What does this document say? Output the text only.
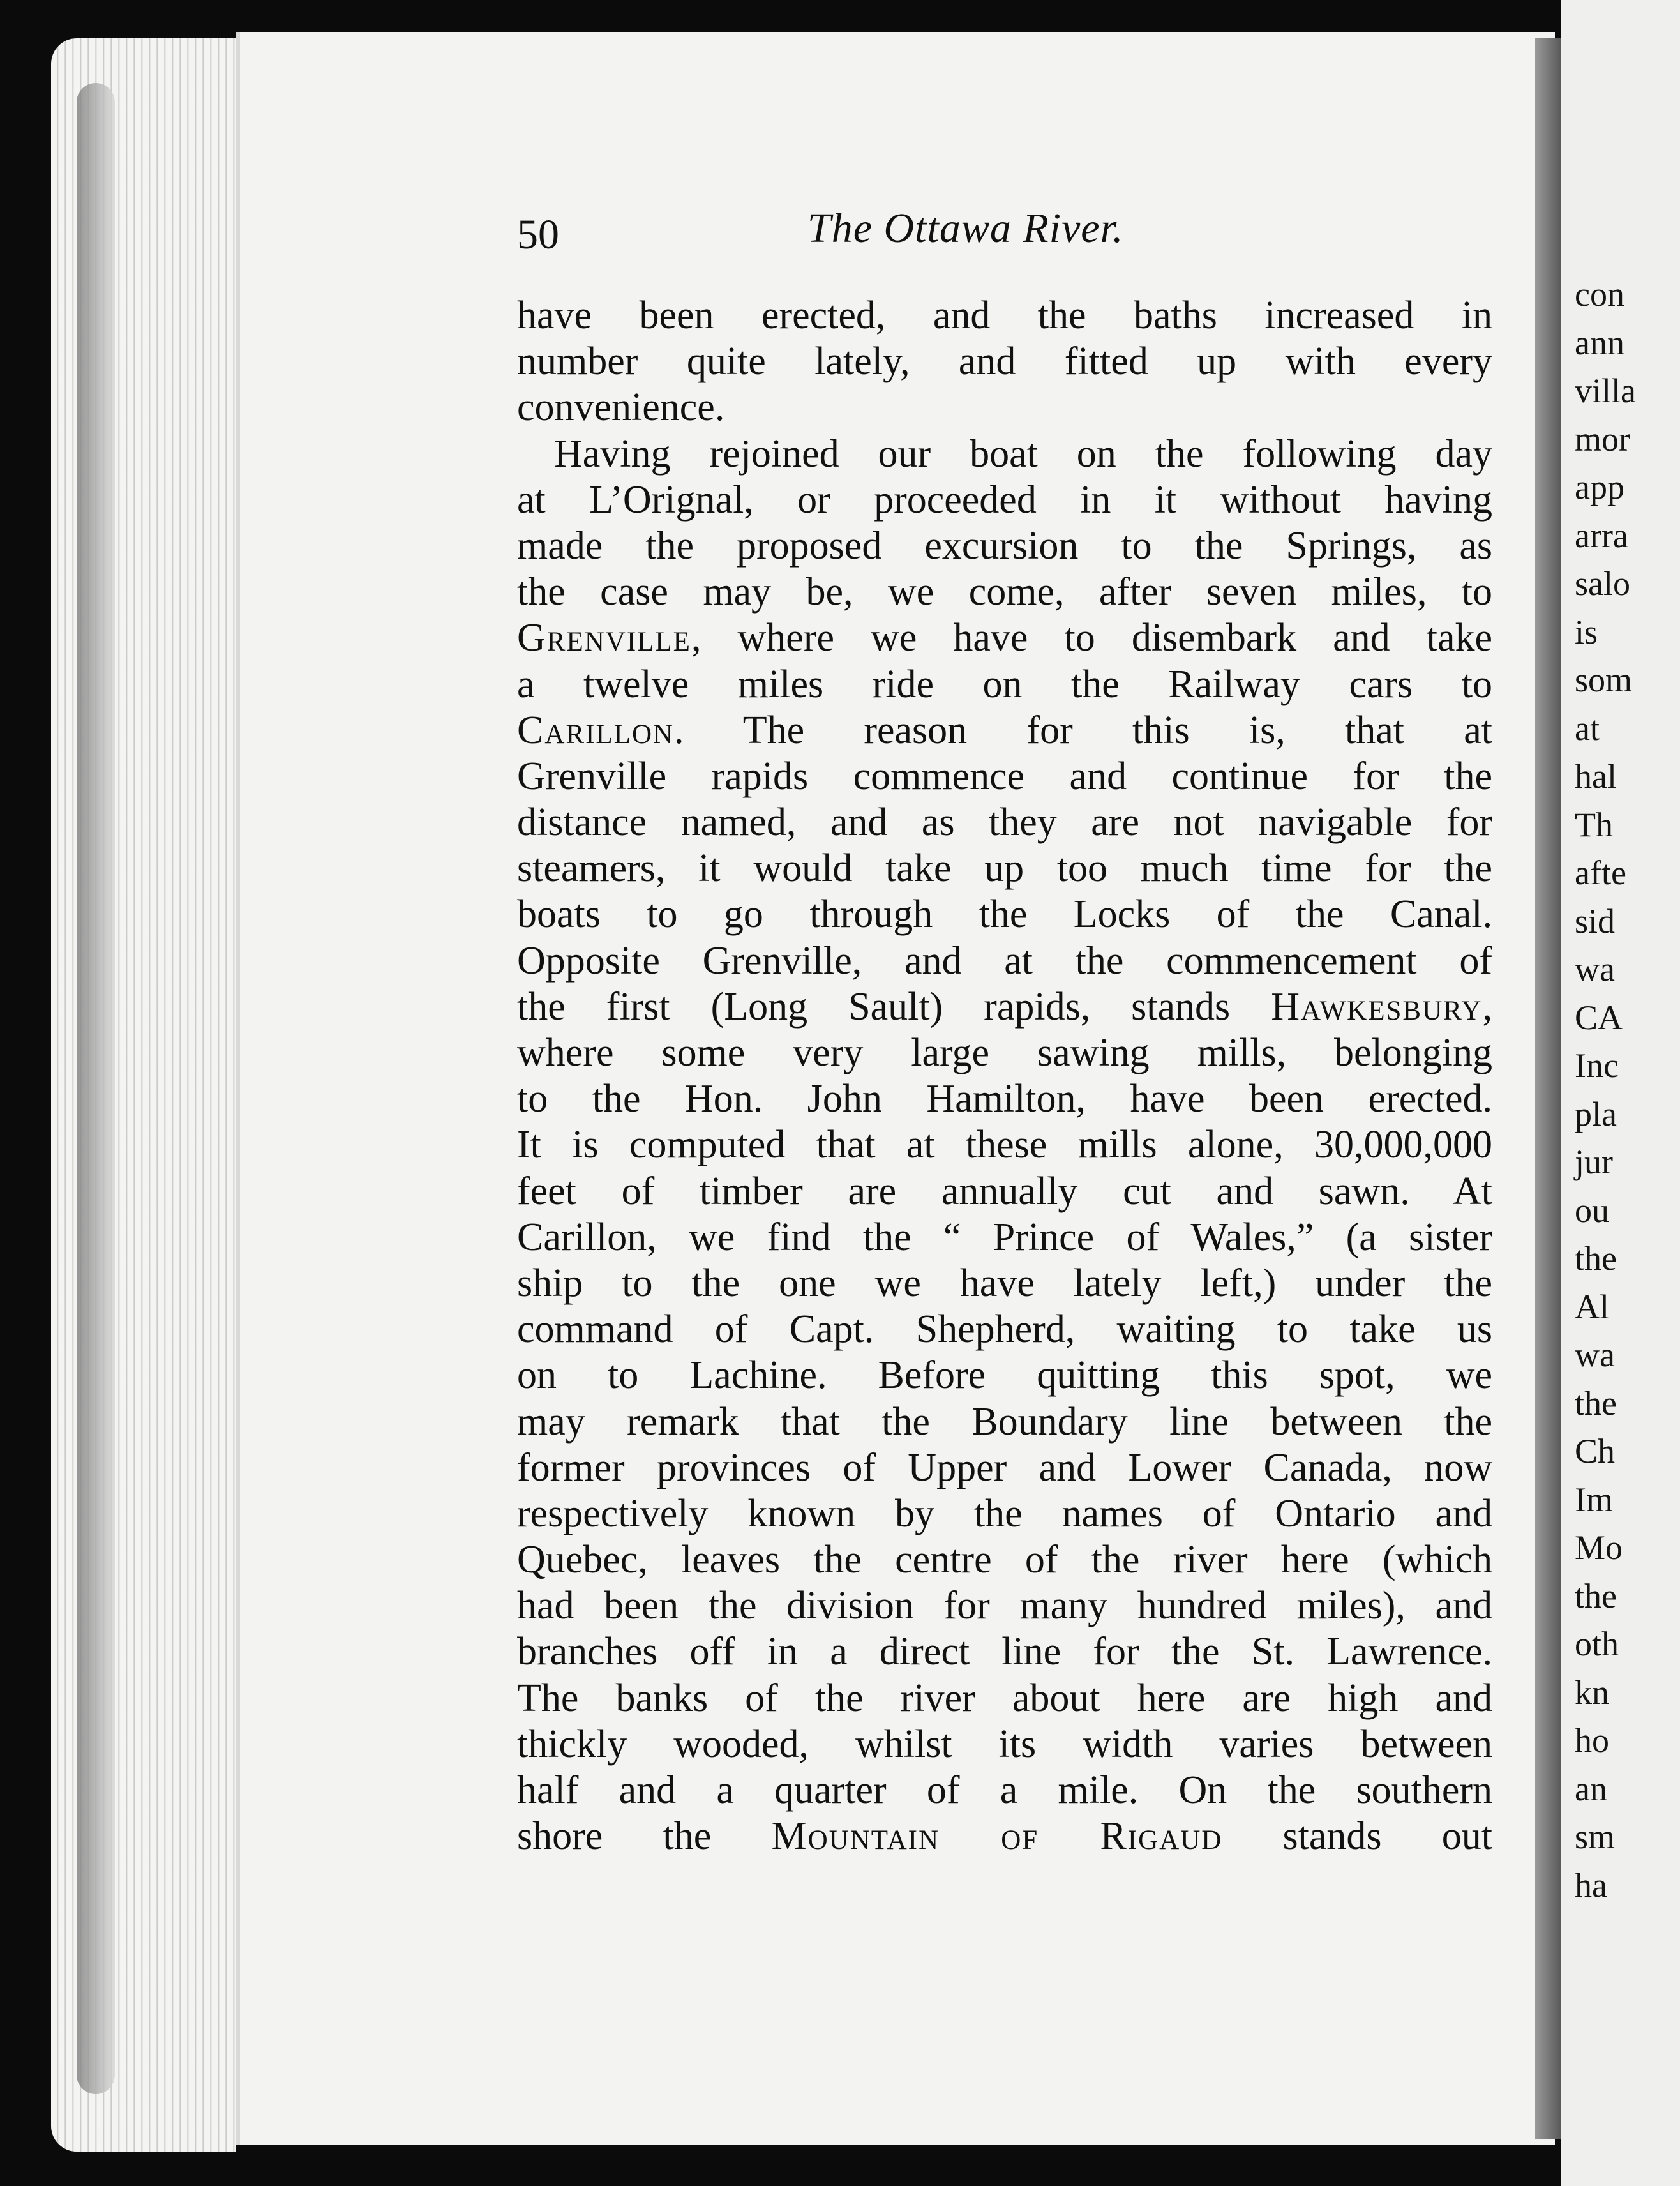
con
ann
villa
mor
app
arra
salo
is
som
at
hal
Th
afte
sid
wa
CA
Inc
pla
jur
ou
the
Al
wa
the
Ch
Im
Mo
the
oth
kn
ho
an
sm
ha
50	The Ottawa River.
have been erected, and the baths increased in
number quite lately, and fitted up with every
convenience.
Having rejoined our boat on the following day
at L’Orignal, or proceeded in it without having
made the proposed excursion to the Springs, as
the case may be, we come, after seven miles, to
Grenville, where we have to disembark and take
a twelve miles ride on the Railway cars to
Carillon. The reason for this is, that at
Grenville rapids commence and continue for the
distance named, and as they are not navigable for
steamers, it would take up too much time for the
boats to go through the Locks of the Canal.
Opposite Grenville, and at the commencement of
the first (Long Sault) rapids, stands Hawkesbury,
where some very large sawing mills, belonging
to the Hon. John Hamilton, have been erected.
It is computed that at these mills alone, 30,000,000
feet of timber are annually cut and sawn. At
Carillon, we find the “ Prince of Wales,” (a sister
ship to the one we have lately left,) under the
command of Capt. Shepherd, waiting to take us
on to Lachine. Before quitting this spot, we
may remark that the Boundary line between the
former provinces of Upper and Lower Canada, now
respectively known by the names of Ontario and
Quebec, leaves the centre of the river here (which
had been the division for many hundred miles), and
branches off in a direct line for the St. Lawrence.
The banks of the river about here are high and
thickly wooded, whilst its width varies between
half and a quarter of a mile. On the southern
shore the Mountain of Rigaud stands out
